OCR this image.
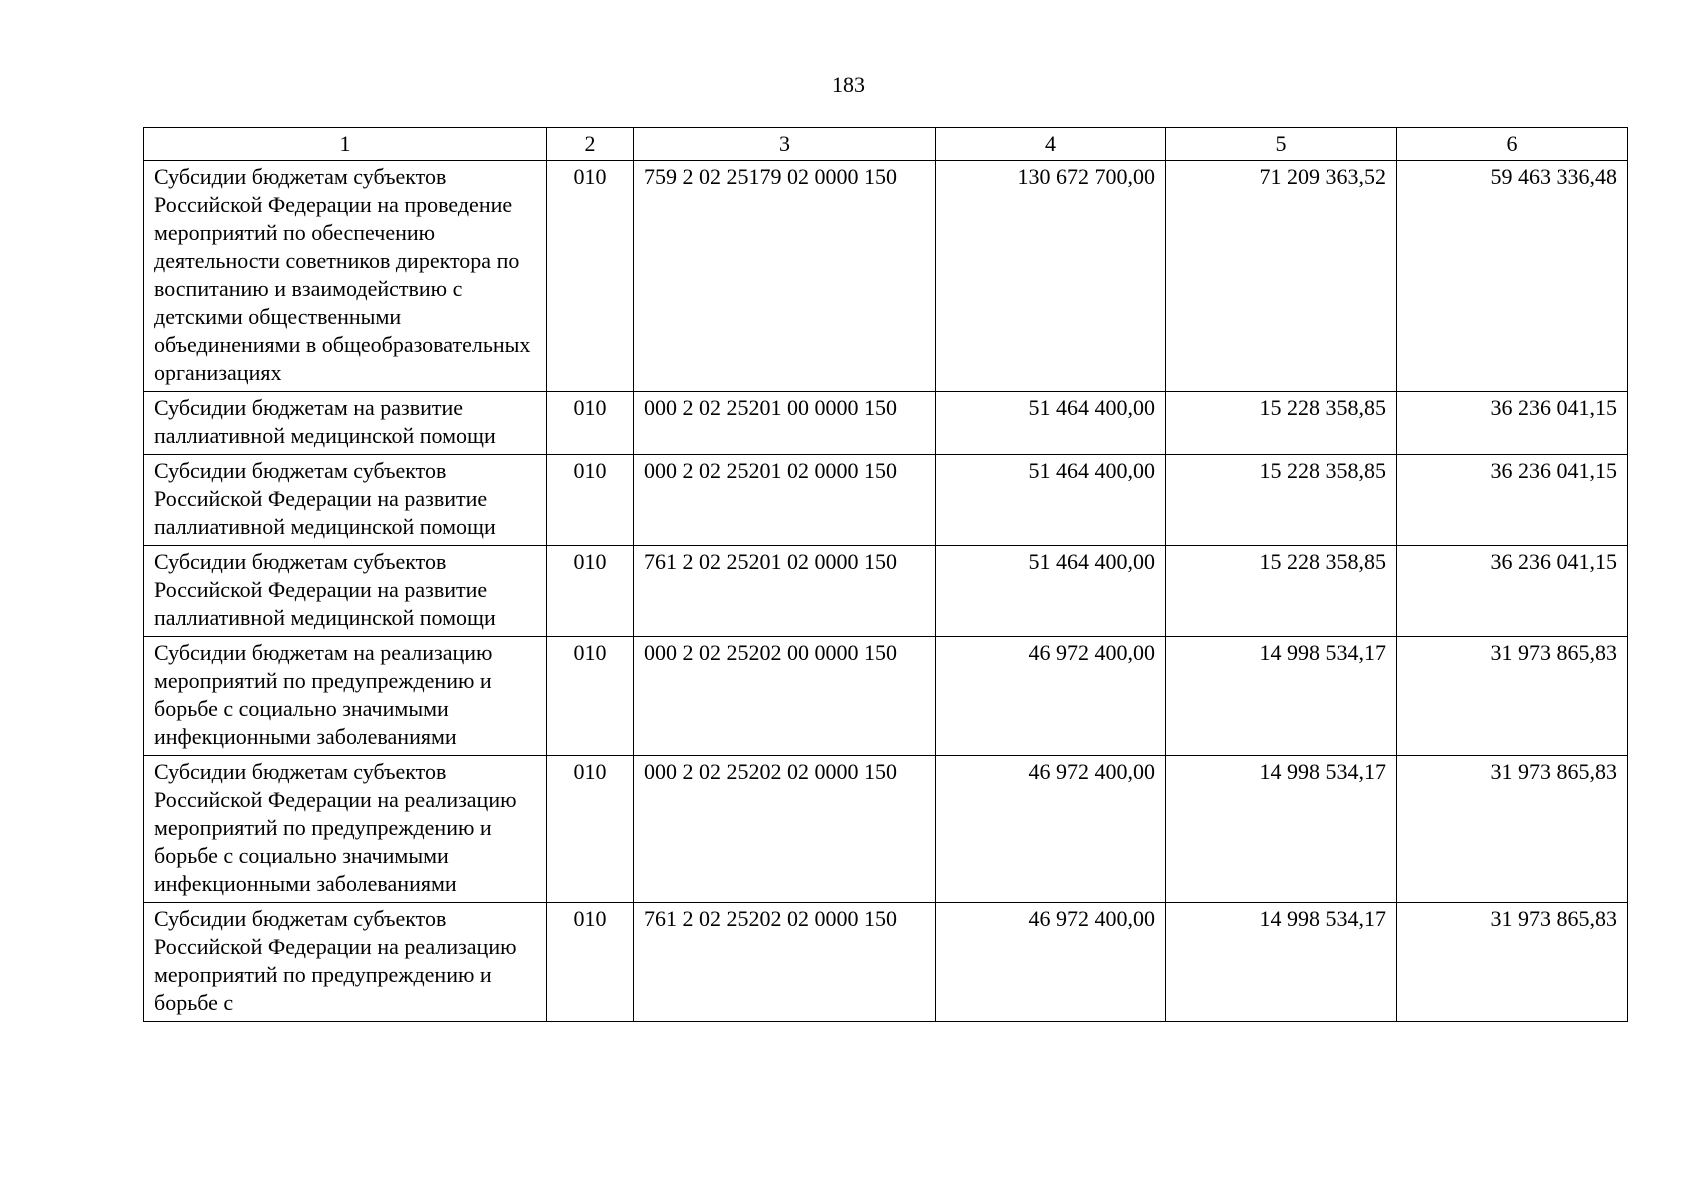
183
1	2	3	4	5	6
Субсидии бюджетам субъектов Российской Федерации на проведение мероприятий по обеспечению деятельности советников директора по воспитанию и взаимодействию с детскими общественными объединениями в общеобразовательных организациях	010	759 2 02 25179 02 0000 150	130 672 700,00	71 209 363,52	59 463 336,48
Субсидии бюджетам на развитие паллиативной медицинской помощи	010	000 2 02 25201 00 0000 150	51 464 400,00	15 228 358,85	36 236 041,15
Субсидии бюджетам субъектов Российской Федерации на развитие паллиативной медицинской помощи	010	000 2 02 25201 02 0000 150	51 464 400,00	15 228 358,85	36 236 041,15
Субсидии бюджетам субъектов Российской Федерации на развитие паллиативной медицинской помощи	010	761 2 02 25201 02 0000 150	51 464 400,00	15 228 358,85	36 236 041,15
Субсидии бюджетам на реализацию мероприятий по предупреждению и борьбе с социально значимыми инфекционными заболеваниями	010	000 2 02 25202 00 0000 150	46 972 400,00	14 998 534,17	31 973 865,83
Субсидии бюджетам субъектов Российской Федерации на реализацию мероприятий по предупреждению и борьбе с социально значимыми инфекционными заболеваниями	010	000 2 02 25202 02 0000 150	46 972 400,00	14 998 534,17	31 973 865,83
Субсидии бюджетам субъектов Российской Федерации на реализацию мероприятий по предупреждению и борьбе с	010	761 2 02 25202 02 0000 150	46 972 400,00	14 998 534,17	31 973 865,83
